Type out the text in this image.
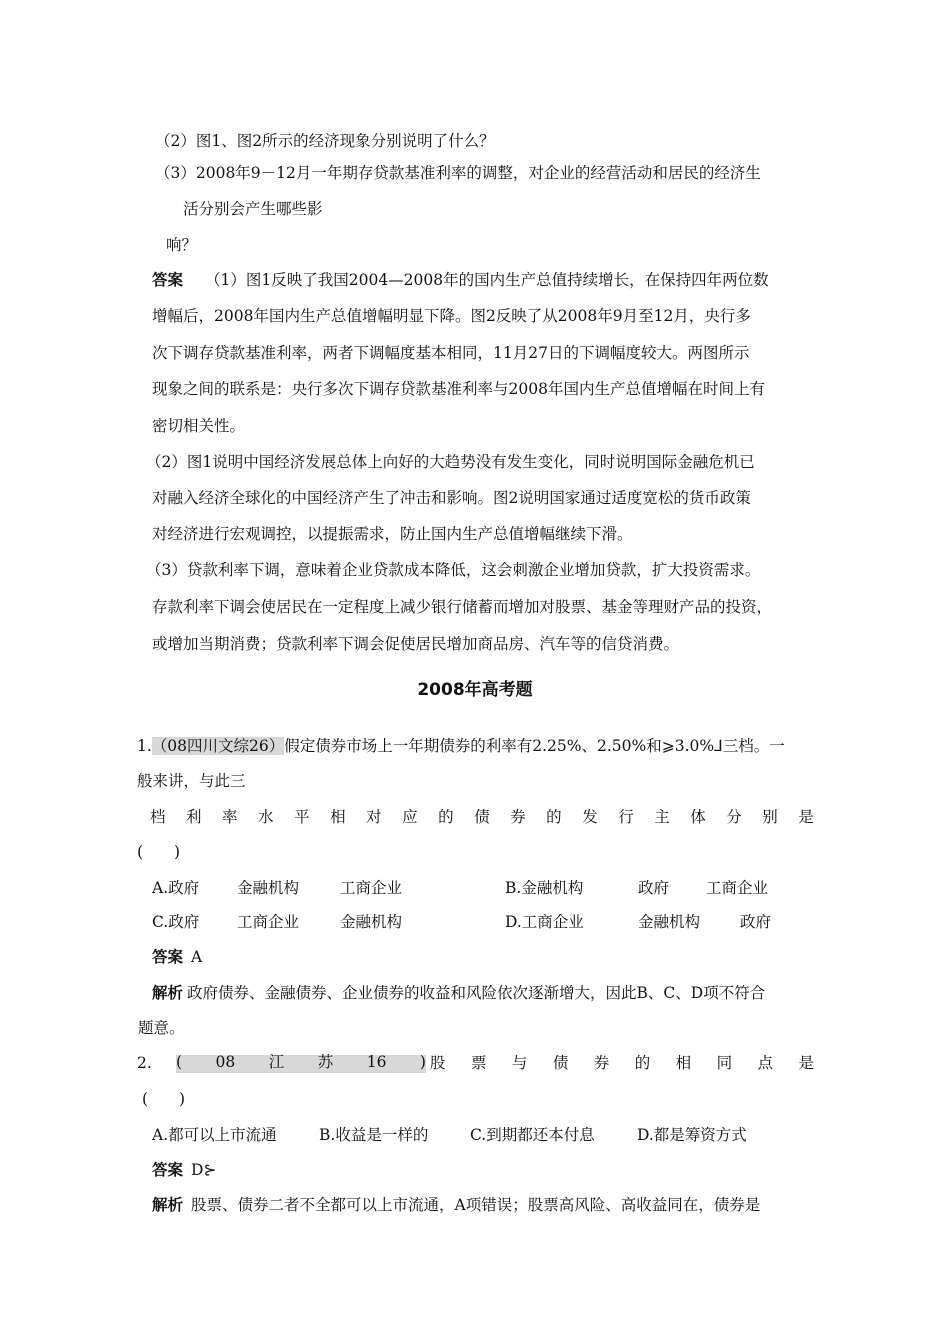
（2）图1、图2所示的经济现象分别说明了什么？
（3）2008年9－12月一年期存贷款基准利率的调整，对企业的经营活动和居民的经济生
活分别会产生哪些影
响？
答案 （1）图1反映了我国2004—2008年的国内生产总值持续增长，在保持四年两位数
增幅后，2008年国内生产总值增幅明显下降。图2反映了从2008年9月至12月，央行多
次下调存贷款基准利率，两者下调幅度基本相同，11月27日的下调幅度较大。两图所示
现象之间的联系是：央行多次下调存贷款基准利率与2008年国内生产总值增幅在时间上有
密切相关性。
（2）图1说明中国经济发展总体上向好的大趋势没有发生变化，同时说明国际金融危机已
对融入经济全球化的中国经济产生了冲击和影响。图2说明国家通过适度宽松的货币政策
对经济进行宏观调控，以提振需求，防止国内生产总值增幅继续下滑。
（3）贷款利率下调，意味着企业贷款成本降低，这会刺激企业增加贷款，扩大投资需求。
存款利率下调会使居民在一定程度上减少银行储蓄而增加对股票、基金等理财产品的投资，
或增加当期消费；贷款利率下调会促使居民增加商品房、汽车等的信贷消费。
2008年高考题
1.（08四川文综26）假定债券市场上一年期债券的利率有2.25%、2.50%和⩾3.0%⅃三档。一
般来讲，与此三
档 利 率 水 平 相 对 应 的 债 券 的 发 行 主 体 分 别 是
(　　)
A.政府 金融机构	工商企业	B.金融机构	政府 工商企业
C.政府 工商企业	金融机构	D.工商企业	金融机构	政府
答案 A
解析 政府债券、金融债券、企业债券的收益和风险依次逐渐增大，因此B、C、D项不符合
题意。
2. ( 08 江 苏 16 ) 股 票 与 债 券 的 相 同 点 是
(　　)
A.都可以上市流通	B.收益是一样的	C.到期都还本付息	D.都是筹资方式
答案 D⊱
解析 股票、债券二者不全都可以上市流通，A项错误；股票高风险、高收益同在，债券是
